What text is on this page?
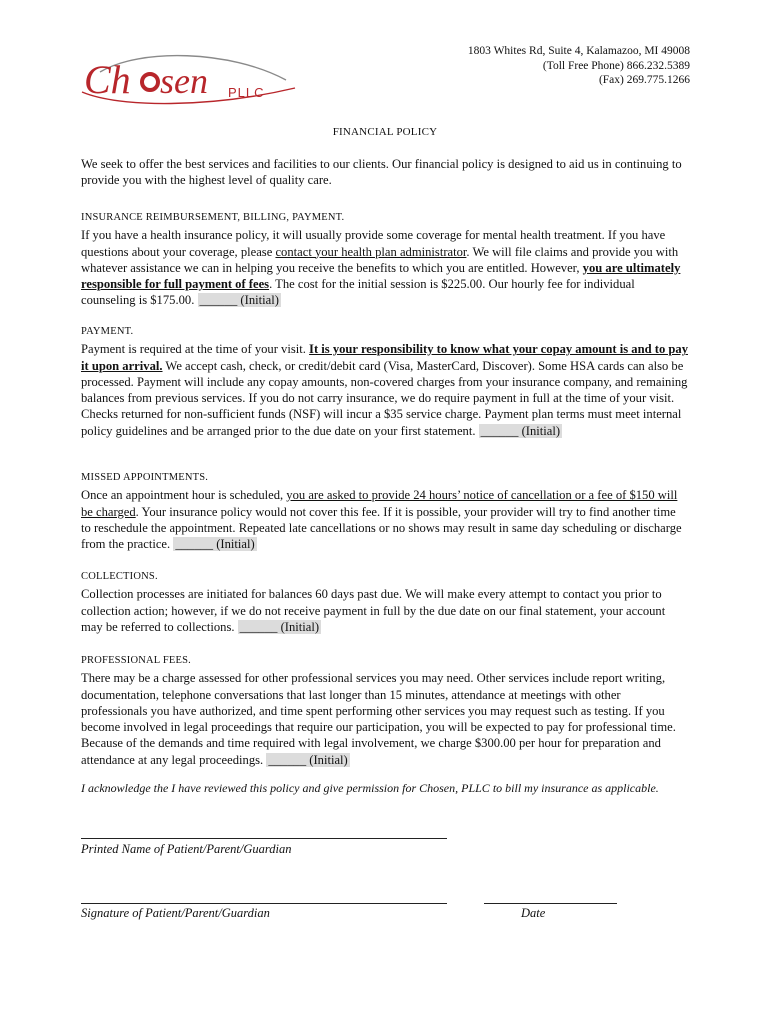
Ch sen PLLC
1803 Whites Rd, Suite 4, Kalamazoo, MI 49008
(Toll Free Phone) 866.232.5389
(Fax) 269.775.1266
FINANCIAL POLICY
We seek to offer the best services and facilities to our clients. Our financial policy is designed to aid us in continuing to provide you with the highest level of quality care.
INSURANCE REIMBURSEMENT, BILLING, PAYMENT.
If you have a health insurance policy, it will usually provide some coverage for mental health treatment. If you have questions about your coverage, please contact your health plan administrator. We will file claims and provide you with whatever assistance we can in helping you receive the benefits to which you are entitled. However, you are ultimately responsible for full payment of fees. The cost for the initial session is $225.00. Our hourly fee for individual counseling is $175.00. ______ (Initial)
PAYMENT.
Payment is required at the time of your visit. It is your responsibility to know what your copay amount is and to pay it upon arrival. We accept cash, check, or credit/debit card (Visa, MasterCard, Discover). Some HSA cards can also be processed. Payment will include any copay amounts, non-covered charges from your insurance company, and remaining balances from previous services. If you do not carry insurance, we do require payment in full at the time of your visit. Checks returned for non-sufficient funds (NSF) will incur a $35 service charge. Payment plan terms must meet internal policy guidelines and be arranged prior to the due date on your first statement. ______ (Initial)
MISSED APPOINTMENTS.
Once an appointment hour is scheduled, you are asked to provide 24 hours’ notice of cancellation or a fee of $150 will be charged. Your insurance policy would not cover this fee. If it is possible, your provider will try to find another time to reschedule the appointment. Repeated late cancellations or no shows may result in same day scheduling or discharge from the practice. ______ (Initial)
COLLECTIONS.
Collection processes are initiated for balances 60 days past due. We will make every attempt to contact you prior to collection action; however, if we do not receive payment in full by the due date on our final statement, your account may be referred to collections. ______ (Initial)
PROFESSIONAL FEES.
There may be a charge assessed for other professional services you may need. Other services include report writing, documentation, telephone conversations that last longer than 15 minutes, attendance at meetings with other professionals you have authorized, and time spent performing other services you may request such as testing. If you become involved in legal proceedings that require our participation, you will be expected to pay for professional time. Because of the demands and time required with legal involvement, we charge $300.00 per hour for preparation and attendance at any legal proceedings. ______ (Initial)
I acknowledge the I have reviewed this policy and give permission for Chosen, PLLC to bill my insurance as applicable.
Printed Name of Patient/Parent/Guardian
Signature of Patient/Parent/Guardian	Date
